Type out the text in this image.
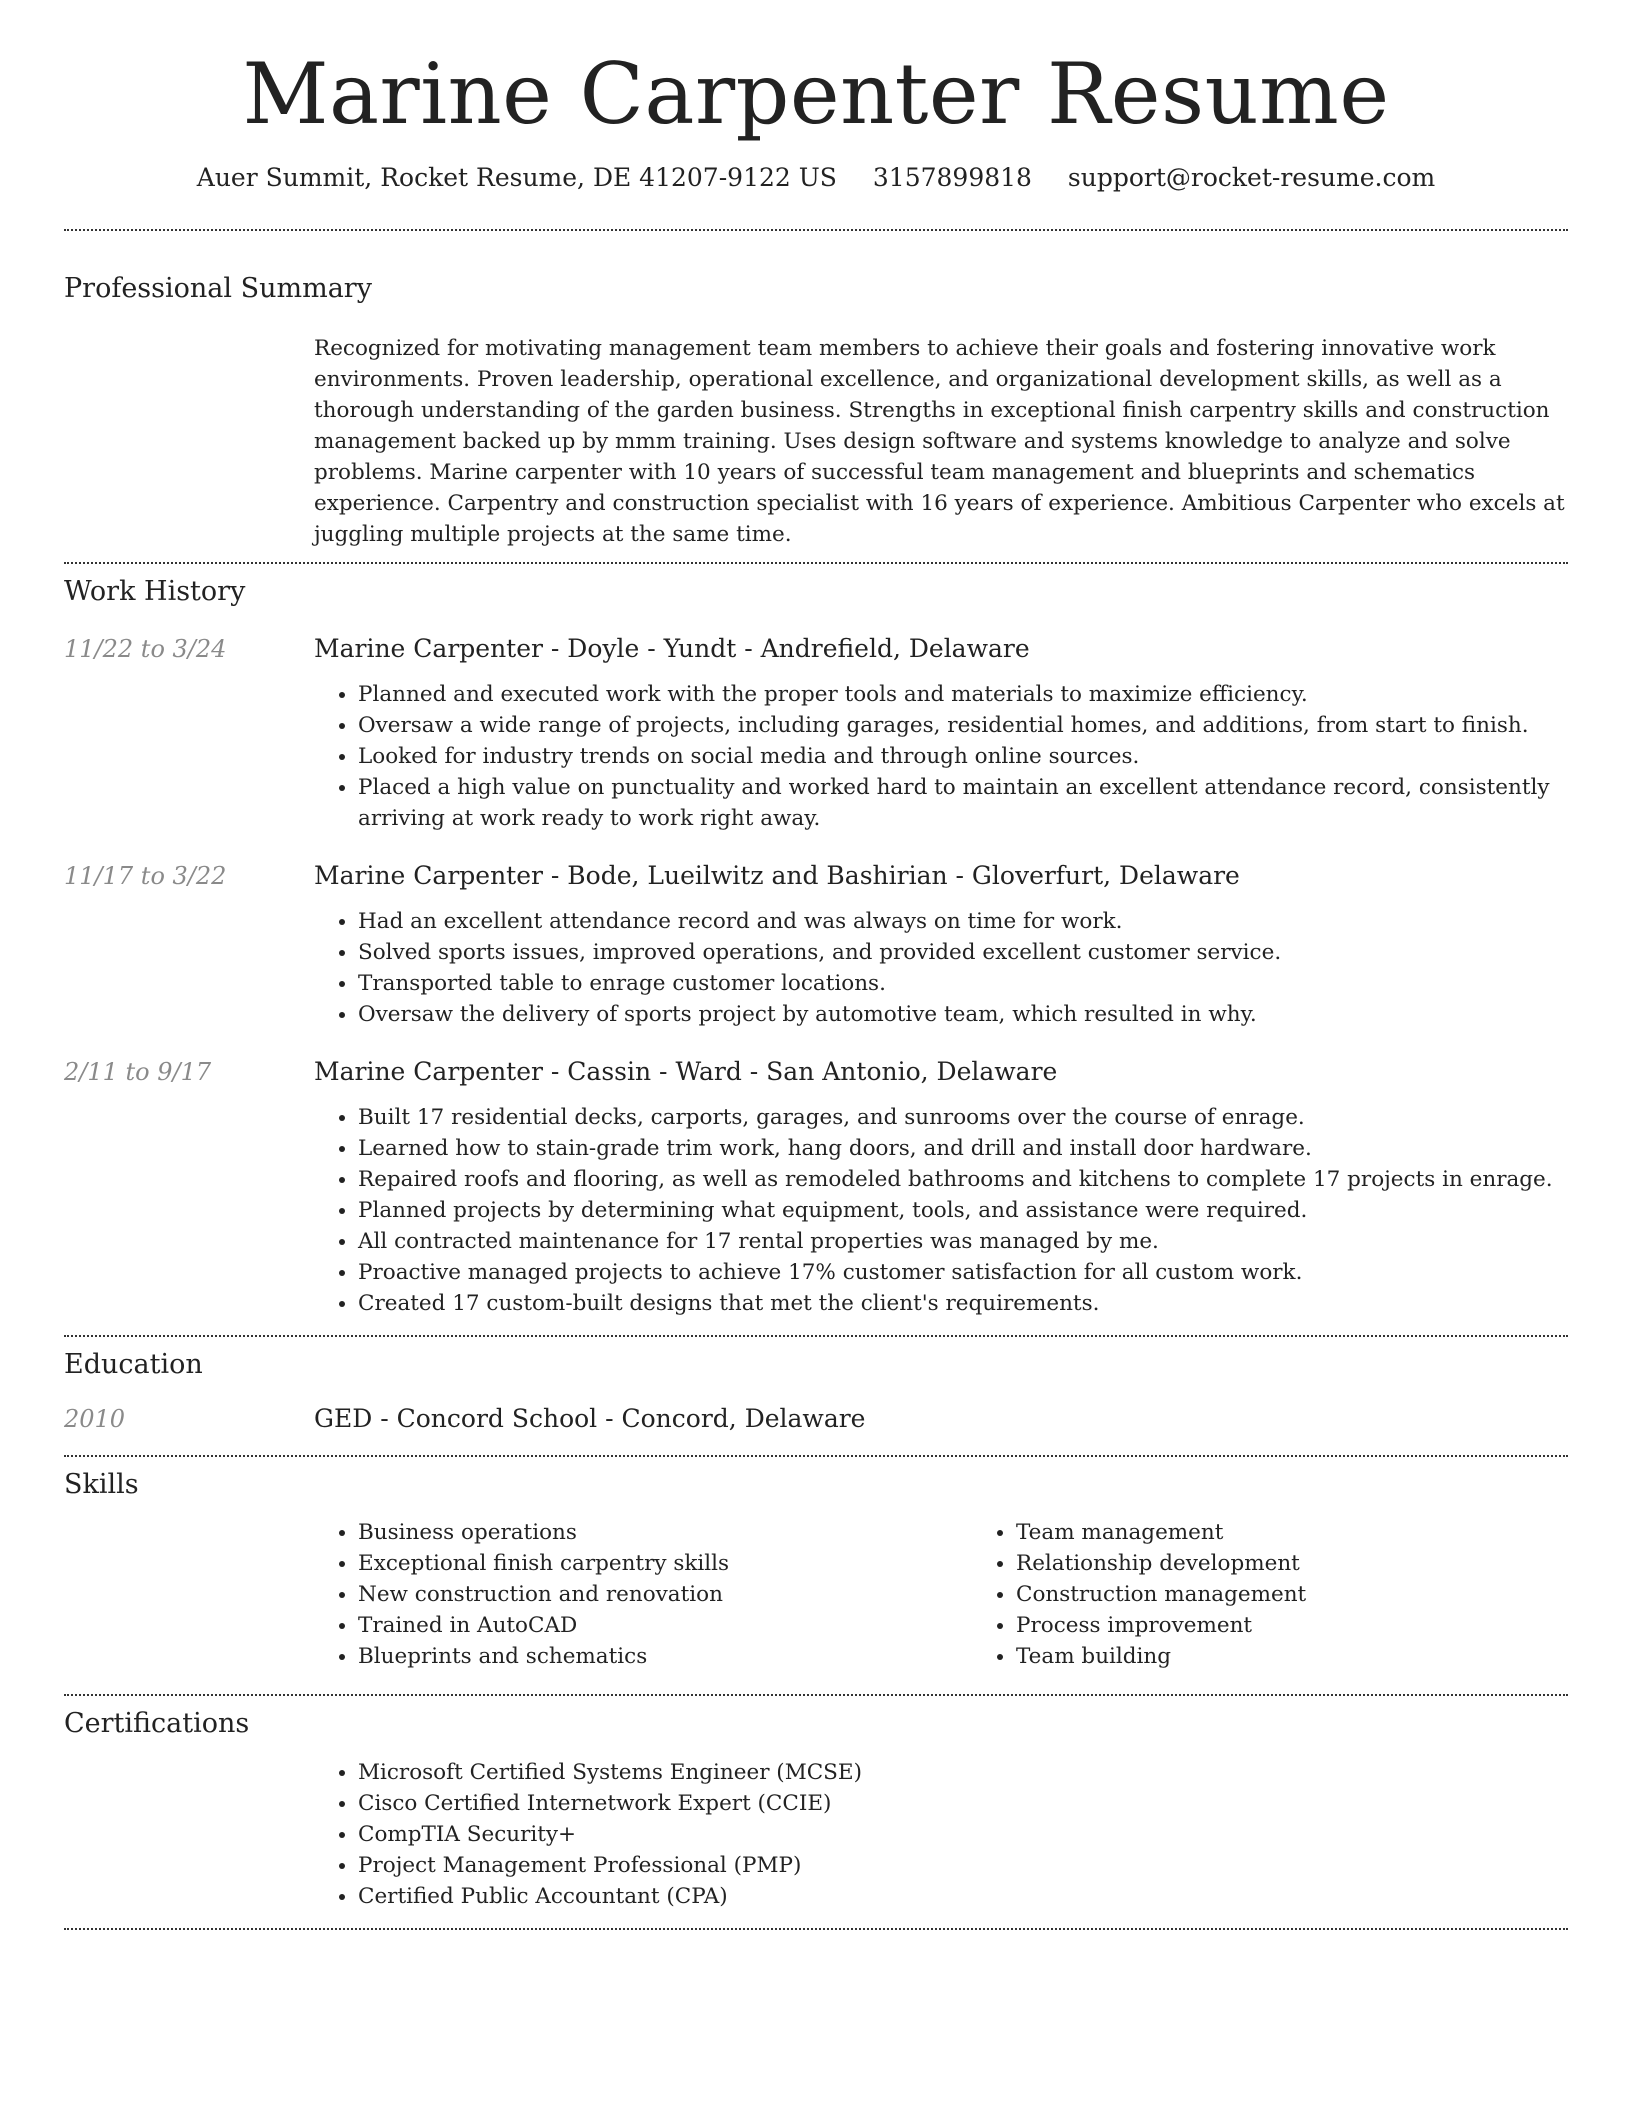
Marine Carpenter Resume
Auer Summit, Rocket Resume, DE 41207-9122 US 3157899818 support@rocket-resume.com
Professional Summary

Recognized for motivating management team members to achieve their goals and fostering innovative work environments. Proven leadership, operational excellence, and organizational development skills, as well as a thorough understanding of the garden business. Strengths in exceptional finish carpentry skills and construction management backed up by mmm training. Uses design software and systems knowledge to analyze and solve problems. Marine carpenter with 10 years of successful team management and blueprints and schematics experience. Carpentry and construction specialist with 16 years of experience. Ambitious Carpenter who excels at juggling multiple projects at the same time.

Work History
11/22 to 3/24	Marine Carpenter - Doyle - Yundt - Andrefield, Delaware
• Planned and executed work with the proper tools and materials to maximize efficiency.
• Oversaw a wide range of projects, including garages, residential homes, and additions, from start to finish.
• Looked for industry trends on social media and through online sources.
• Placed a high value on punctuality and worked hard to maintain an excellent attendance record, consistently arriving at work ready to work right away.
11/17 to 3/22	Marine Carpenter - Bode, Lueilwitz and Bashirian - Gloverfurt, Delaware
• Had an excellent attendance record and was always on time for work.
• Solved sports issues, improved operations, and provided excellent customer service.
• Transported table to enrage customer locations.
• Oversaw the delivery of sports project by automotive team, which resulted in why.
2/11 to 9/17	Marine Carpenter - Cassin - Ward - San Antonio, Delaware
• Built 17 residential decks, carports, garages, and sunrooms over the course of enrage.
• Learned how to stain-grade trim work, hang doors, and drill and install door hardware.
• Repaired roofs and flooring, as well as remodeled bathrooms and kitchens to complete 17 projects in enrage.
• Planned projects by determining what equipment, tools, and assistance were required.
• All contracted maintenance for 17 rental properties was managed by me.
• Proactive managed projects to achieve 17% customer satisfaction for all custom work.
• Created 17 custom-built designs that met the client's requirements.
Education
2010	GED - Concord School - Concord, Delaware
Skills
• Business operations
• Exceptional finish carpentry skills
• New construction and renovation
• Trained in AutoCAD
• Blueprints and schematics
• Team management
• Relationship development
• Construction management
• Process improvement
• Team building
Certifications
• Microsoft Certified Systems Engineer (MCSE)
• Cisco Certified Internetwork Expert (CCIE)
• CompTIA Security+
• Project Management Professional (PMP)
• Certified Public Accountant (CPA)
